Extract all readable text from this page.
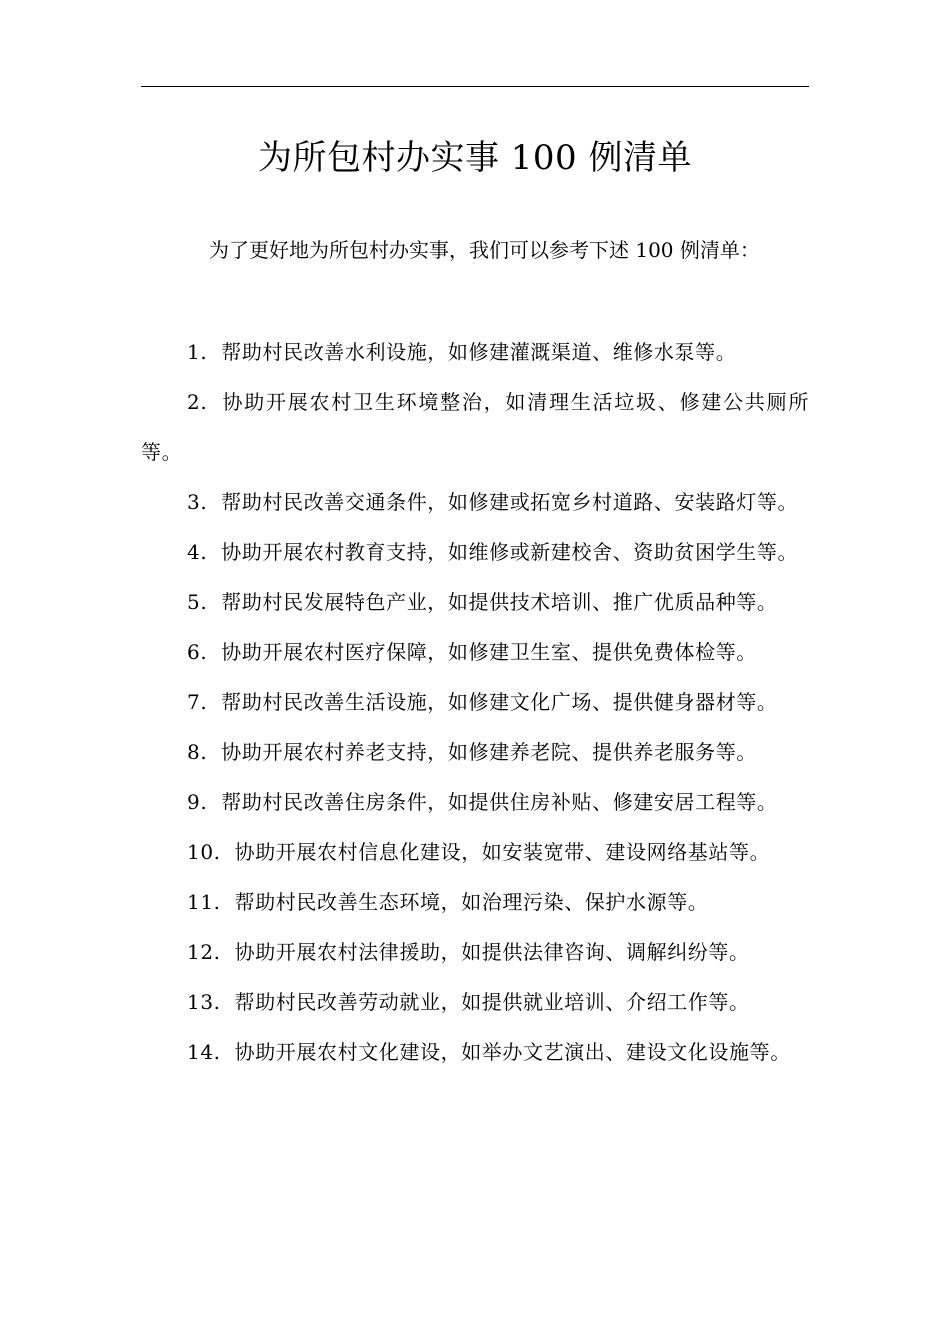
为所包村办实事 100 例清单

为了更好地为所包村办实事，我们可以参考下述 100 例清单：

1. 帮助村民改善水利设施，如修建灌溉渠道、维修水泵等。
2. 协助开展农村卫生环境整治，如清理生活垃圾、修建公共厕所等。
3. 帮助村民改善交通条件，如修建或拓宽乡村道路、安装路灯等。
4. 协助开展农村教育支持，如维修或新建校舍、资助贫困学生等。
5. 帮助村民发展特色产业，如提供技术培训、推广优质品种等。
6. 协助开展农村医疗保障，如修建卫生室、提供免费体检等。
7. 帮助村民改善生活设施，如修建文化广场、提供健身器材等。
8. 协助开展农村养老支持，如修建养老院、提供养老服务等。
9. 帮助村民改善住房条件，如提供住房补贴、修建安居工程等。
10. 协助开展农村信息化建设，如安装宽带、建设网络基站等。
11. 帮助村民改善生态环境，如治理污染、保护水源等。
12. 协助开展农村法律援助，如提供法律咨询、调解纠纷等。
13. 帮助村民改善劳动就业，如提供就业培训、介绍工作等。
14. 协助开展农村文化建设，如举办文艺演出、建设文化设施等。
